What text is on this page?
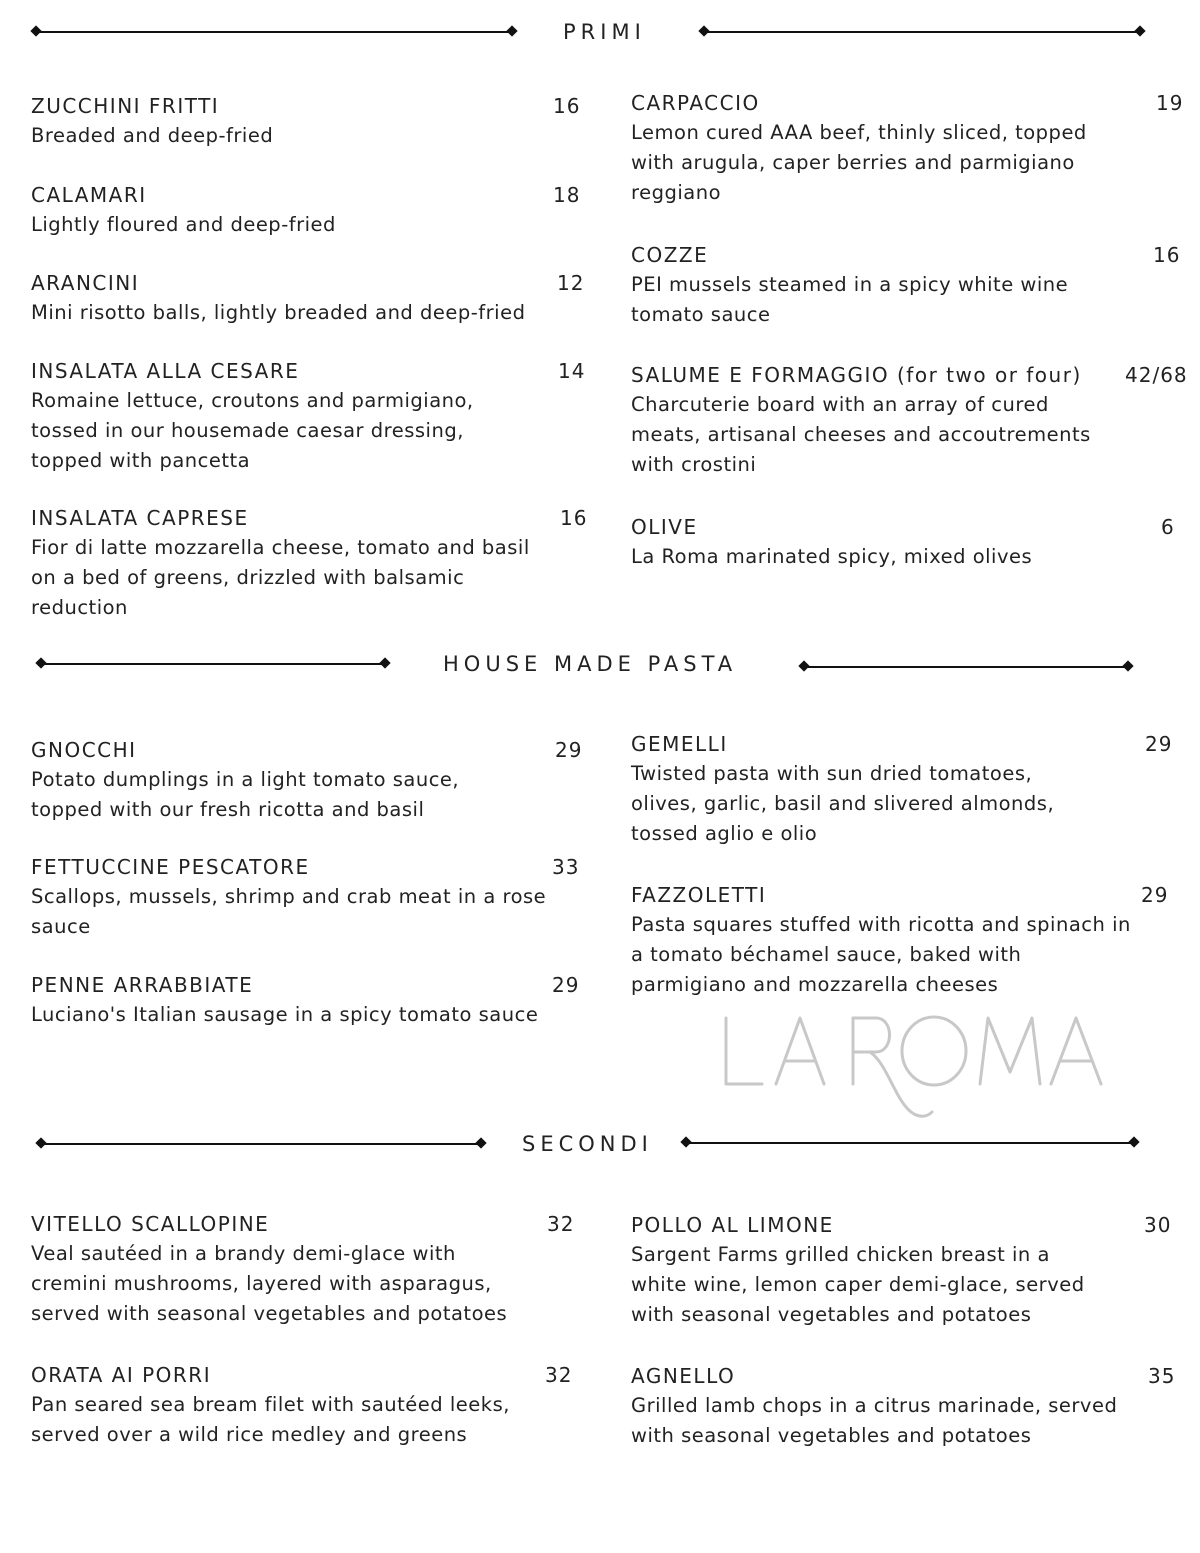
PRIMI
ZUCCHINI FRITTI	16
Breaded and deep-fried
CALAMARI	18
Lightly floured and deep-fried
ARANCINI	12
Mini risotto balls, lightly breaded and deep-fried
INSALATA ALLA CESARE	14
Romaine lettuce, croutons and parmigiano, tossed in our housemade caesar dressing, topped with pancetta
INSALATA CAPRESE	16
Fior di latte mozzarella cheese, tomato and basil on a bed of greens, drizzled with balsamic reduction
CARPACCIO	19
Lemon cured AAA beef, thinly sliced, topped with arugula, caper berries and parmigiano reggiano
COZZE	16
PEI mussels steamed in a spicy white wine tomato sauce
SALUME E FORMAGGIO (for two or four)	42/68
Charcuterie board with an array of cured meats, artisanal cheeses and accoutrements with crostini
OLIVE	6
La Roma marinated spicy, mixed olives
HOUSE MADE PASTA
GNOCCHI	29
Potato dumplings in a light tomato sauce, topped with our fresh ricotta and basil
FETTUCCINE PESCATORE	33
Scallops, mussels, shrimp and crab meat in a rose sauce
PENNE ARRABBIATE	29
Luciano's Italian sausage in a spicy tomato sauce
GEMELLI	29
Twisted pasta with sun dried tomatoes, olives, garlic, basil and slivered almonds, tossed aglio e olio
FAZZOLETTI	29
Pasta squares stuffed with ricotta and spinach in a tomato béchamel sauce, baked with parmigiano and mozzarella cheeses
SECONDI
VITELLO SCALLOPINE	32
Veal sautéed in a brandy demi-glace with cremini mushrooms, layered with asparagus, served with seasonal vegetables and potatoes
ORATA AI PORRI	32
Pan seared sea bream filet with sautéed leeks, served over a wild rice medley and greens
POLLO AL LIMONE	30
Sargent Farms grilled chicken breast in a white wine, lemon caper demi-glace, served with seasonal vegetables and potatoes
AGNELLO	35
Grilled lamb chops in a citrus marinade, served with seasonal vegetables and potatoes
